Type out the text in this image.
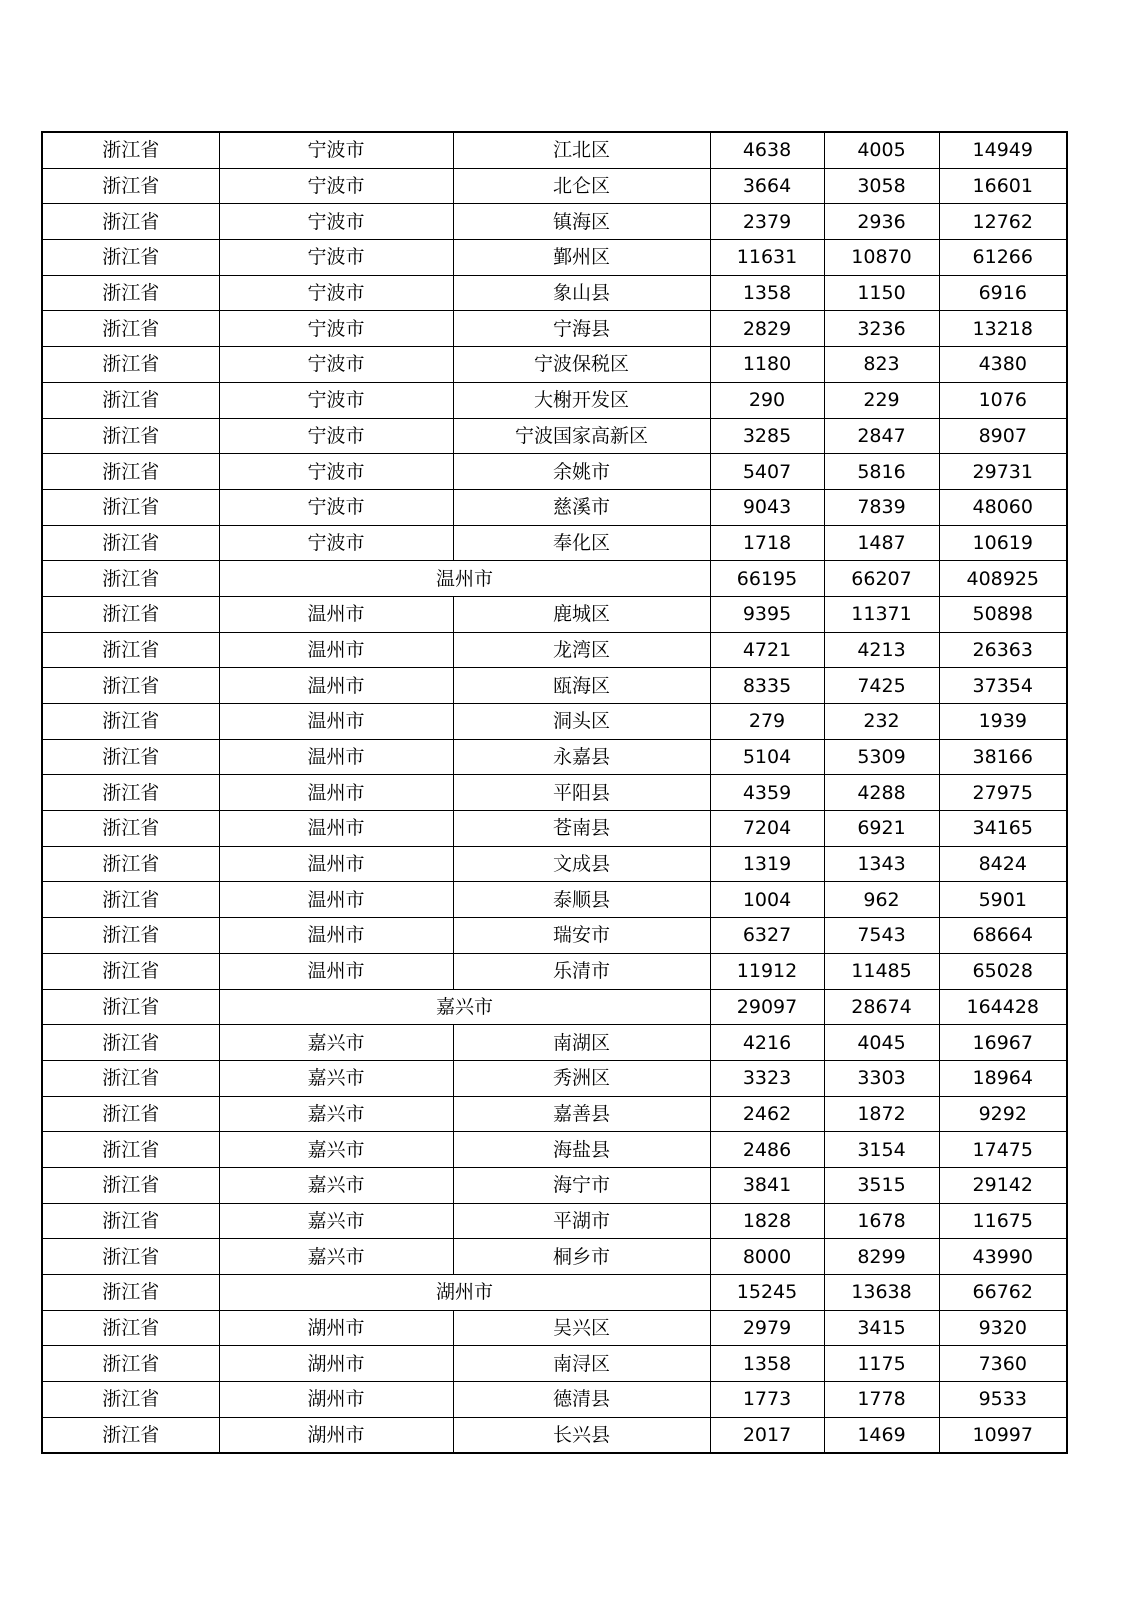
浙江省	宁波市	江北区	4638	4005	14949
浙江省	宁波市	北仑区	3664	3058	16601
浙江省	宁波市	镇海区	2379	2936	12762
浙江省	宁波市	鄞州区	11631	10870	61266
浙江省	宁波市	象山县	1358	1150	6916
浙江省	宁波市	宁海县	2829	3236	13218
浙江省	宁波市	宁波保税区	1180	823	4380
浙江省	宁波市	大榭开发区	290	229	1076
浙江省	宁波市	宁波国家高新区	3285	2847	8907
浙江省	宁波市	余姚市	5407	5816	29731
浙江省	宁波市	慈溪市	9043	7839	48060
浙江省	宁波市	奉化区	1718	1487	10619
浙江省	温州市		66195	66207	408925
浙江省	温州市	鹿城区	9395	11371	50898
浙江省	温州市	龙湾区	4721	4213	26363
浙江省	温州市	瓯海区	8335	7425	37354
浙江省	温州市	洞头区	279	232	1939
浙江省	温州市	永嘉县	5104	5309	38166
浙江省	温州市	平阳县	4359	4288	27975
浙江省	温州市	苍南县	7204	6921	34165
浙江省	温州市	文成县	1319	1343	8424
浙江省	温州市	泰顺县	1004	962	5901
浙江省	温州市	瑞安市	6327	7543	68664
浙江省	温州市	乐清市	11912	11485	65028
浙江省	嘉兴市		29097	28674	164428
浙江省	嘉兴市	南湖区	4216	4045	16967
浙江省	嘉兴市	秀洲区	3323	3303	18964
浙江省	嘉兴市	嘉善县	2462	1872	9292
浙江省	嘉兴市	海盐县	2486	3154	17475
浙江省	嘉兴市	海宁市	3841	3515	29142
浙江省	嘉兴市	平湖市	1828	1678	11675
浙江省	嘉兴市	桐乡市	8000	8299	43990
浙江省	湖州市		15245	13638	66762
浙江省	湖州市	吴兴区	2979	3415	9320
浙江省	湖州市	南浔区	1358	1175	7360
浙江省	湖州市	德清县	1773	1778	9533
浙江省	湖州市	长兴县	2017	1469	10997
